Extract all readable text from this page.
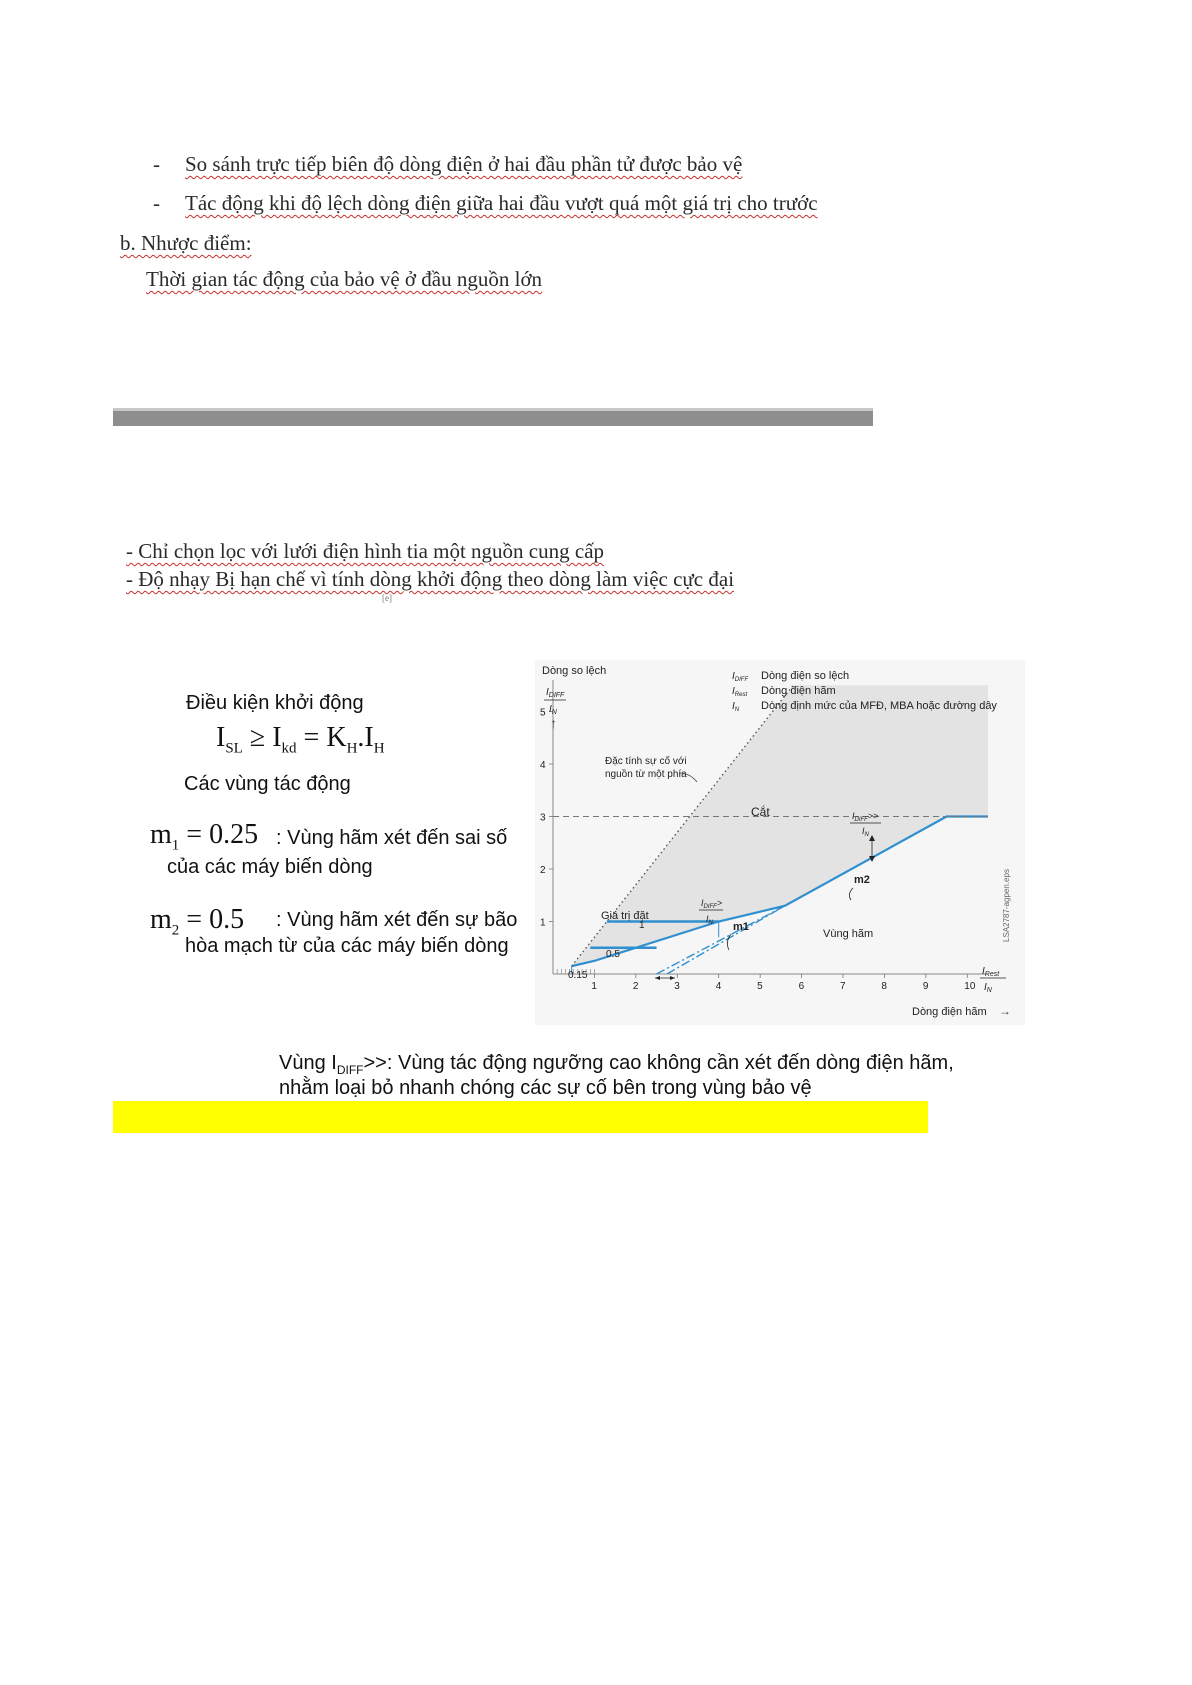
- So sánh trực tiếp biên độ dòng điện ở hai đầu phần tử được bảo vệ
- Tác động khi độ lệch dòng điện giữa hai đầu vượt quá một giá trị cho trước
b. Nhược điểm:
Thời gian tác động của bảo vệ ở đầu nguồn lớn
- Chỉ chọn lọc với lưới điện hình tia một nguồn cung cấp
- Độ nhạy Bị hạn chế vì tính dòng khởi động theo dòng làm việc cực đại
[e]
Điều kiện khởi động
$I_{SL} \ge I_{kd} = K_H.I_H$
Các vùng tác động
$m_1 = 0.25$ : Vùng hãm xét đến sai số
của các máy biến dòng
$m_2 = 0.5$ : Vùng hãm xét đến sự bão
hòa mạch từ của các máy biến dòng
1	2	3	4	5	6	7	8	9	10
1
2
3
4
5
Dòng so lệch
$I_{DIFF}$
$I_N$
↑
$I_{Rest}$
$I_N$
Dòng điện hãm →
$I_{DIFF}$ Dòng điện so lệch
$I_{Rest}$ Dòng điện hãm
$I_N$ Dòng định mức của MFĐ, MBA hoặc đường dây
Đặc tính sự cố với
nguồn từ một phía
Cắt	$I_{DIFF}>>$
$I_N$
Giá trị đặt
$I_{DIFF}>$
$I_N$
Vùng hãm
m1
m2
1
0.5
0.15
LSA2787-agpen.eps
Vùng $I_{DIFF}>>$: Vùng tác động ngưỡng cao không cần xét đến dòng điện hãm,
nhằm loại bỏ nhanh chóng các sự cố bên trong vùng bảo vệ
